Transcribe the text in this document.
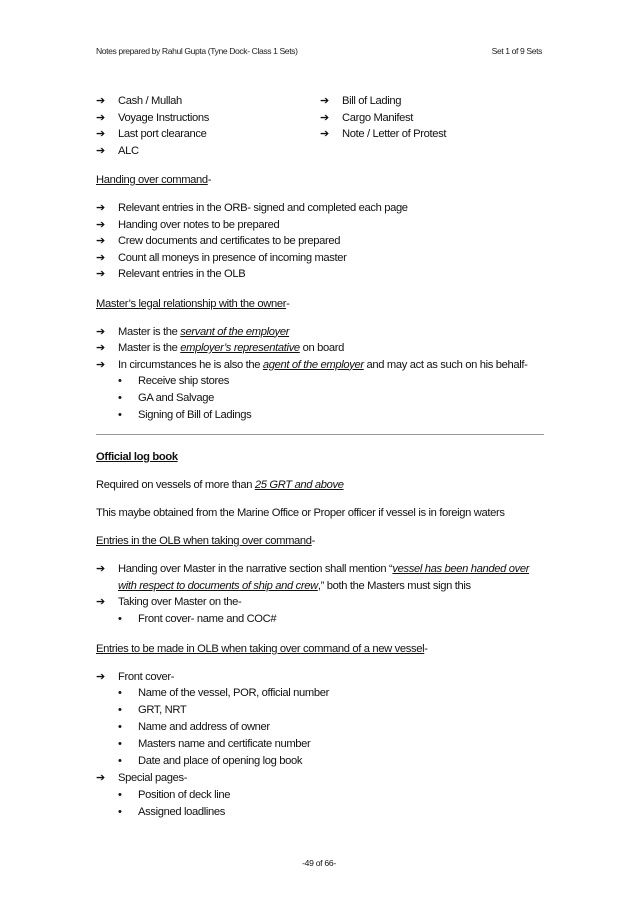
Notes prepared by Rahul Gupta (Tyne Dock- Class 1 Sets)	Set 1 of 9 Sets
➔ Cash / Mullah
➔ Voyage Instructions
➔ Last port clearance
➔ ALC
➔ Bill of Lading
➔ Cargo Manifest
➔ Note / Letter of Protest
Handing over command-
➔ Relevant entries in the ORB- signed and completed each page
➔ Handing over notes to be prepared
➔ Crew documents and certificates to be prepared
➔ Count all moneys in presence of incoming master
➔ Relevant entries in the OLB
Master’s legal relationship with the owner-
➔ Master is the servant of the employer
➔ Master is the employer’s representative on board
➔ In circumstances he is also the agent of the employer and may act as such on his behalf-
• Receive ship stores
• GA and Salvage
• Signing of Bill of Ladings
Official log book
Required on vessels of more than 25 GRT and above
This maybe obtained from the Marine Office or Proper officer if vessel is in foreign waters
Entries in the OLB when taking over command-
➔ Handing over Master in the narrative section shall mention “vessel has been handed over
with respect to documents of ship and crew,” both the Masters must sign this
➔ Taking over Master on the-
• Front cover- name and COC#
Entries to be made in OLB when taking over command of a new vessel-
➔ Front cover-
• Name of the vessel, POR, official number
• GRT, NRT
• Name and address of owner
• Masters name and certificate number
• Date and place of opening log book
➔ Special pages-
• Position of deck line
• Assigned loadlines
-49 of 66-
